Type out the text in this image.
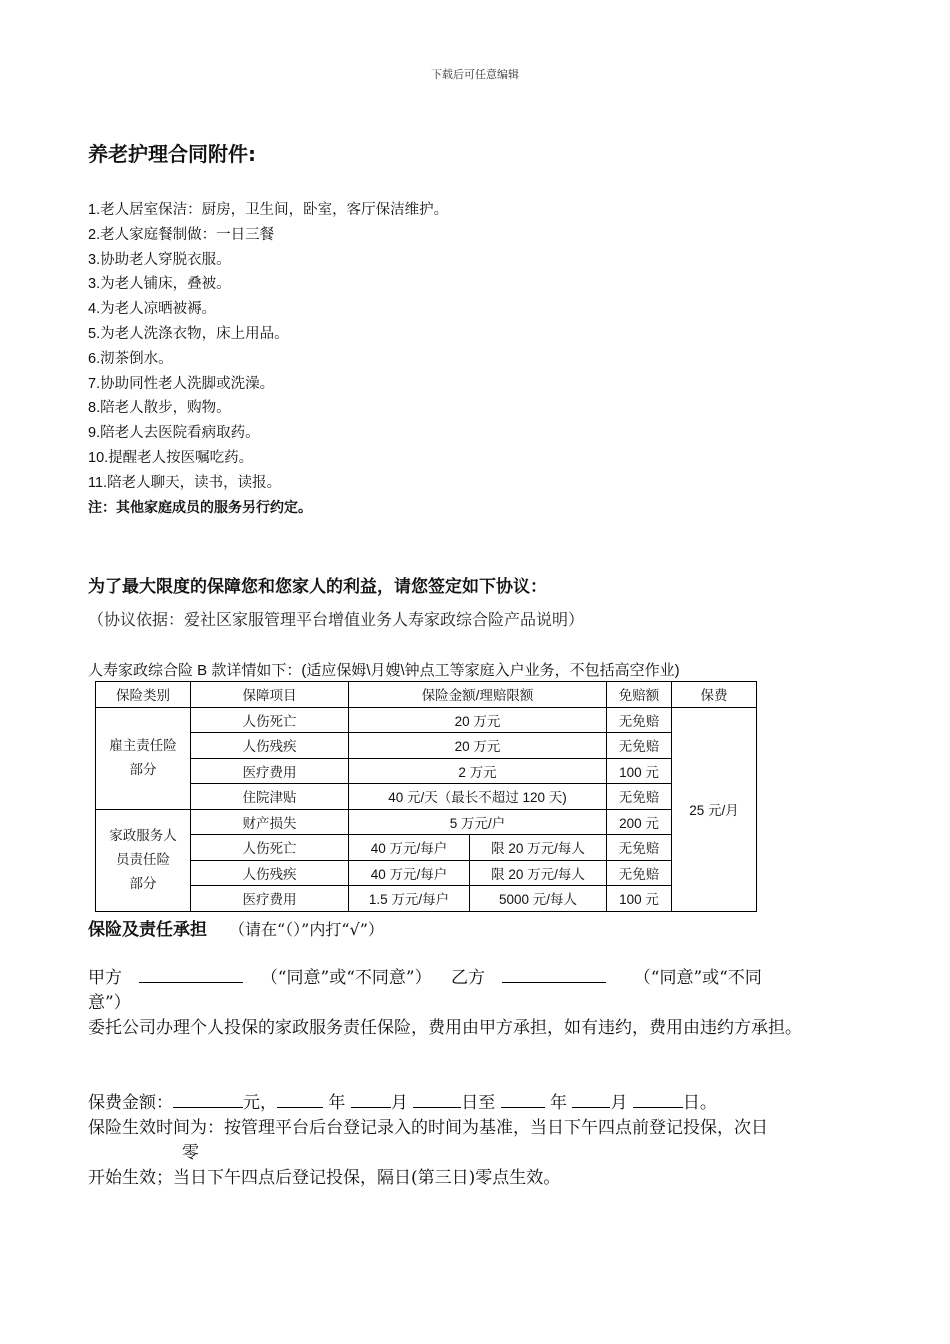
下载后可任意编辑
养老护理合同附件:
1.老人居室保洁：厨房，卫生间，卧室，客厅保洁维护。
2.老人家庭餐制做：一日三餐
3.协助老人穿脱衣服。
3.为老人铺床，叠被。
4.为老人凉晒被褥。
5.为老人洗涤衣物，床上用品。
6.沏茶倒水。
7.协助同性老人洗脚或洗澡。
8.陪老人散步，购物。
9.陪老人去医院看病取药。
10.提醒老人按医嘱吃药。
11.陪老人聊天，读书，读报。
注：其他家庭成员的服务另行约定。
为了最大限度的保障您和您家人的利益，请您签定如下协议：
（协议依据：爱社区家服管理平台增值业务人寿家政综合险产品说明）
人寿家政综合险 B 款详情如下：(适应保姆\月嫂\钟点工等家庭入户业务，不包括高空作业)
保险类别	保障项目	保险金额/理赔限额		免赔额	保费
雇主责任险
部分	人伤死亡	20 万元		无免赔	25 元/月
	人伤残疾	20 万元		无免赔	
	医疗费用	2 万元		100 元	
	住院津贴	40 元/天（最长不超过 120 天)		无免赔	
家政服务人
员责任险
部分	财产损失	5 万元/户		200 元	
	人伤死亡	40 万元/每户	限 20 万元/每人	无免赔	
	人伤残疾	40 万元/每户	限 20 万元/每人	无免赔	
	医疗费用	1.5 万元/每户	5000 元/每人	100 元	
保险及责任承担 （请在“（）”内打“√”）
甲方	（“同意”或“不同意”） 乙方	（“同意”或“不同
意”）
委托公司办理个人投保的家政服务责任保险，费用由甲方承担，如有违约，费用由违约方承担。
保费金额：	元，	年	月	日至	年	月	日。
保险生效时间为：按管理平台后台登记录入的时间为基准，当日下午四点前登记投保，次日
零
开始生效；当日下午四点后登记投保，隔日(第三日)零点生效。
